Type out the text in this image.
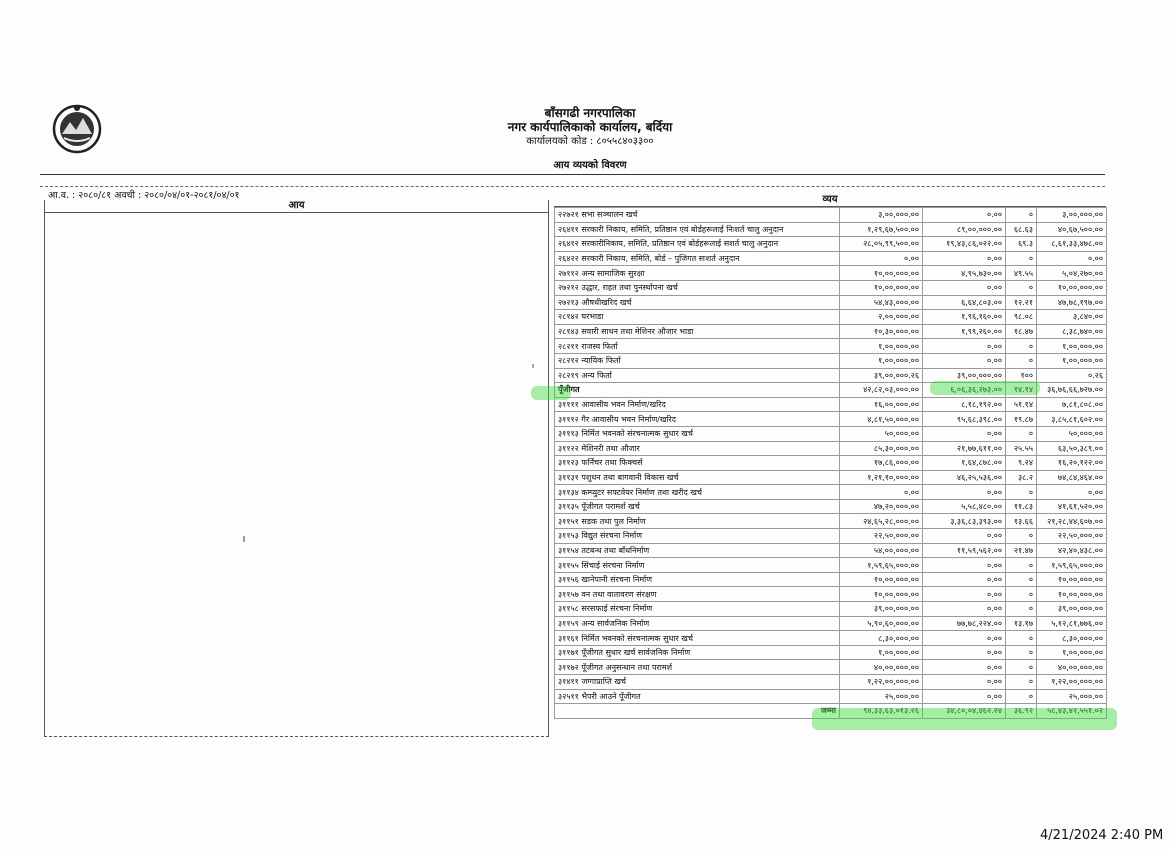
बाँसगढी नगरपालिका
नगर कार्यपालिकाको कार्यालय, बर्दिया
कार्यालयको कोड : ८०५५८४०३३००
आय व्ययको विवरण
आ.व. : २०८०/८१ अवधी : २०८०/०४/०१-२०८१/०४/०१
आय
व्यय
२२७२१ सभा सञ्चालन खर्च	३,००,०००.००	०.००	०	३,००,०००.००
२६४११ सरकारी निकाय, समिति, प्रतिष्ठान एवं बोर्डहरूलाई निःशर्त चालु अनुदान	१,२९,६७,५००.००	८९,००,०००.००	६८.६३	४०,६७,५००.००
२६४१२ सरकारीनिकाय, समिति, प्रतिष्ठान एवं बोर्डहरूलाई सशर्त चालु अनुदान	२८,०५,९९,५००.००	१९,४३,८६,०२२.००	६९.३	८,६१,३३,४७८.००
२६४२२ सरकारी निकाय, समिति, बोर्ड – पुजिगत सःशर्त अनुदान	०.००	०.००	०	०.००
२७११२ अन्य सामाजिक सुरक्षा	१०,००,०००.००	४,९५,७३०.००	४९.५५	५,०४,२७०.००
२७२१२ उद्धार, राहत तथा पुनर्स्थापना खर्च	१०,००,०००.००	०.००	०	१०,००,०००.००
२७२१३ औषधीखरिद खर्च	५४,४३,०००.००	६,६४,८०३.००	१२.२१	४७,७८,१९७.००
२८१४२ घरभाडा	२,००,०००.००	१,९६,१६०.००	९८.०८	३,८४०.००
२८१४३ सवारी साधन तथा मेशिनर औजार भाडा	१०,३०,०००.००	१,९९,२६०.००	१८.४७	८,३८,७४०.००
२८२११ राजस्व फिर्ता	१,००,०००.००	०.००	०	१,००,०००.००
२८२१२ न्यायिक फिर्ता	१,००,०००.००	०.००	०	१,००,०००.००
२८२१९ अन्य फिर्ता	३९,००,०००.२६	३९,००,०००.००	१००	०.२६
पूँजीगत	४२,८२,०३,०००.००	६,०६,३६,२७३.००	१४.१४	३६,७६,६६,७२७.००
३११११ आवासीय भवन निर्माण/खरिद	१६,००,०००.००	८,१८,१९२.००	५१.१४	७,८१,८०८.००
३१११२ गैर आवासीय भवन निर्माण/खरिद	४,८१,५०,०००.००	९५,६८,३९८.००	१९.८७	३,८५,८१,६०२.००
३१११३ निर्मित भवनको संरचनात्मक सुधार खर्च	५०,०००.००	०.००	०	५०,०००.००
३११२२ मेशिनरी तथा औजार	८५,३०,०००.००	२१,७७,६११.००	२५.५५	६३,५०,३८९.००
३११२३ फर्निचर तथा फिक्चर्स	१७,८६,०००.००	१,६४,८७८.००	९.२४	१६,२०,१२२.००
३११३१ पशुधन तथा बागवानी विकास खर्च	१,२१,१०,०००.००	४६,२५,५३६.००	३८.२	७४,८४,४६४.००
३११३४ कम्प्युटर सफ्टवेयर निर्माण तथा खरीद खर्च	०.००	०.००	०	०.००
३११३५ पूँजीगत परामर्श खर्च	४७,२०,०००.००	५,५८,४८०.००	११.८३	४१,६१,५२०.००
३११५१ सडक तथा पुल निर्माण	२४,६५,२८,०००.००	३,३६,८३,३९३.००	१३.६६	२१,२८,४४,६०७.००
३११५३ विद्युत संरचना निर्माण	२२,५०,०००.००	०.००	०	२२,५०,०००.००
३११५४ तटबन्ध तथा बाँधनिर्माण	५४,००,०००.००	११,५९,५६२.००	२१.४७	४२,४०,४३८.००
३११५५ सिंचाई संरचना निर्माण	१,५९,६५,०००.००	०.००	०	१,५९,६५,०००.००
३११५६ खानेपानी संरचना निर्माण	१०,००,०००.००	०.००	०	१०,००,०००.००
३११५७ वन तथा वातावरण संरक्षण	१०,००,०००.००	०.००	०	१०,००,०००.००
३११५८ सरसफाई संरचना निर्माण	३९,००,०००.००	०.००	०	३९,००,०००.००
३११५९ अन्य सार्वजनिक निर्माण	५,९०,६०,०००.००	७७,७८,२२४.००	१३.१७	५,१२,८१,७७६.००
३११६१ निर्मित भवनको संरचनात्मक सुधार खर्च	८,३०,०००.००	०.००	०	८,३०,०००.००
३११७१ पूँजीगत सुधार खर्च सार्वजनिक निर्माण	१,००,०००.००	०.००	०	१,००,०००.००
३११७२ पूँजीगत अनुसन्धान तथा परामर्श	४०,००,०००.००	०.००	०	४०,००,०००.००
३१४११ जग्गाप्राप्ति खर्च	१,२२,००,०००.००	०.००	०	१,२२,००,०००.००
३२५११ भैपरी आउने पूँजीगत	२५,०००.००	०.००	०	२५,०००.००
जम्मा	९४,३३,६३,०१३.२६	३४,८०,०४,४६२.२४	३६.९२	५८,४३,४२,५५१.०२
4/21/2024 2:40 PM
